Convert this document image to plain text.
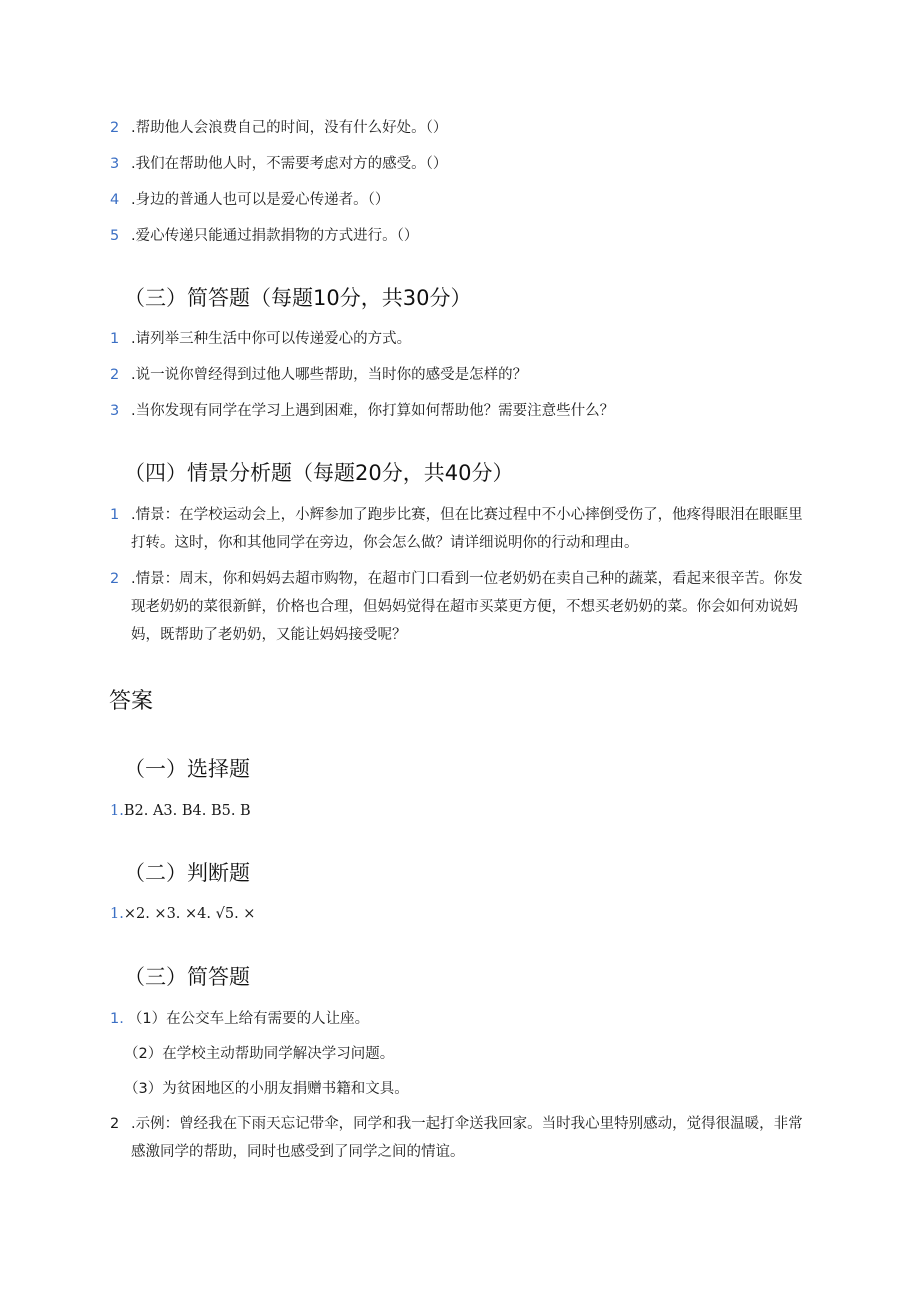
2 .帮助他人会浪费自己的时间，没有什么好处。（）
3 .我们在帮助他人时，不需要考虑对方的感受。（）
4 .身边的普通人也可以是爱心传递者。（）
5 .爱心传递只能通过捐款捐物的方式进行。（）
（三）简答题（每题10分，共30分）
1 .请列举三种生活中你可以传递爱心的方式。
2 .说一说你曾经得到过他人哪些帮助，当时你的感受是怎样的？
3 .当你发现有同学在学习上遇到困难，你打算如何帮助他？需要注意些什么？
（四）情景分析题（每题20分，共40分）
1 .情景：在学校运动会上，小辉参加了跑步比赛，但在比赛过程中不小心摔倒受伤了，他疼得眼泪在眼眶里打转。这时，你和其他同学在旁边，你会怎么做？请详细说明你的行动和理由。
2 .情景：周末，你和妈妈去超市购物，在超市门口看到一位老奶奶在卖自己种的蔬菜，看起来很辛苦。你发现老奶奶的菜很新鲜，价格也合理，但妈妈觉得在超市买菜更方便，不想买老奶奶的菜。你会如何劝说妈妈，既帮助了老奶奶，又能让妈妈接受呢？
答案
（一）选择题
1.B2. A3. B4. B5. B
（二）判断题
1.×2. ×3. ×4. √5. ×
（三）简答题
1. （1）在公交车上给有需要的人让座。
（2）在学校主动帮助同学解决学习问题。
（3）为贫困地区的小朋友捐赠书籍和文具。
2 .示例：曾经我在下雨天忘记带伞，同学和我一起打伞送我回家。当时我心里特别感动，觉得很温暖，非常感激同学的帮助，同时也感受到了同学之间的情谊。
